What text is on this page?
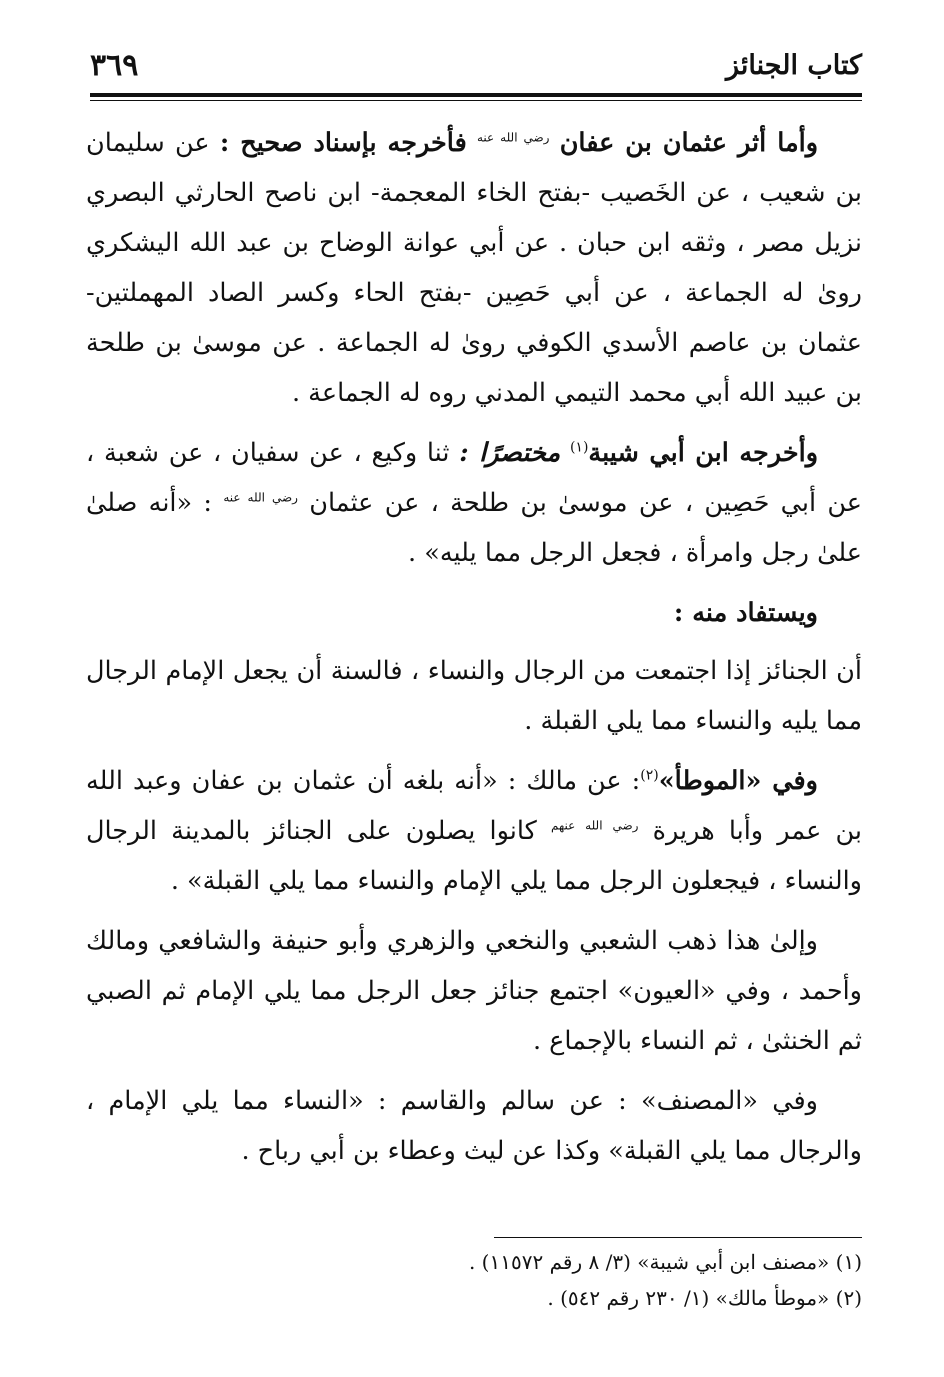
كتاب الجنائز
٣٦٩

وأما أثر عثمان بن عفان $^{رضي الله عنه}$ فأخرجه بإسناد صحيح : عن سليمان بن شعيب ، عن الخَصيب -بفتح الخاء المعجمة- ابن ناصح الحارثي البصري نزيل مصر ، وثقه ابن حبان . عن أبي عوانة الوضاح بن عبد الله اليشكري روىٰ له الجماعة ، عن أبي حَصِين -بفتح الحاء وكسر الصاد المهملتين- عثمان بن عاصم الأسدي الكوفي روىٰ له الجماعة . عن موسىٰ بن طلحة بن عبيد الله أبي محمد التيمي المدني روه له الجماعة .

وأخرجه ابن أبي شيبة$^{(١)}$ مختصرًا : ثنا وكيع ، عن سفيان ، عن شعبة ، عن أبي حَصِين ، عن موسىٰ بن طلحة ، عن عثمان $^{رضي الله عنه}$ : «أنه صلىٰ علىٰ رجل وامرأة ، فجعل الرجل مما يليه» .

ويستفاد منه :

أن الجنائز إذا اجتمعت من الرجال والنساء ، فالسنة أن يجعل الإمام الرجال مما يليه والنساء مما يلي القبلة .

وفي «الموطأ»$^{(٢)}$: عن مالك : «أنه بلغه أن عثمان بن عفان وعبد الله بن عمر وأبا هريرة $^{رضي الله عنهم}$ كانوا يصلون على الجنائز بالمدينة الرجال والنساء ، فيجعلون الرجل مما يلي الإمام والنساء مما يلي القبلة» .

وإلىٰ هذا ذهب الشعبي والنخعي والزهري وأبو حنيفة والشافعي ومالك وأحمد ، وفي «العيون» اجتمع جنائز جعل الرجل مما يلي الإمام ثم الصبي ثم الخنثىٰ ، ثم النساء بالإجماع .

وفي «المصنف» : عن سالم والقاسم : «النساء مما يلي الإمام ، والرجال مما يلي القبلة» وكذا عن ليث وعطاء بن أبي رباح .

(١) «مصنف ابن أبي شيبة» (٣/ ٨ رقم ١١٥٧٢) .

(٢) «موطأ مالك» (١/ ٢٣٠ رقم ٥٤٢) .
